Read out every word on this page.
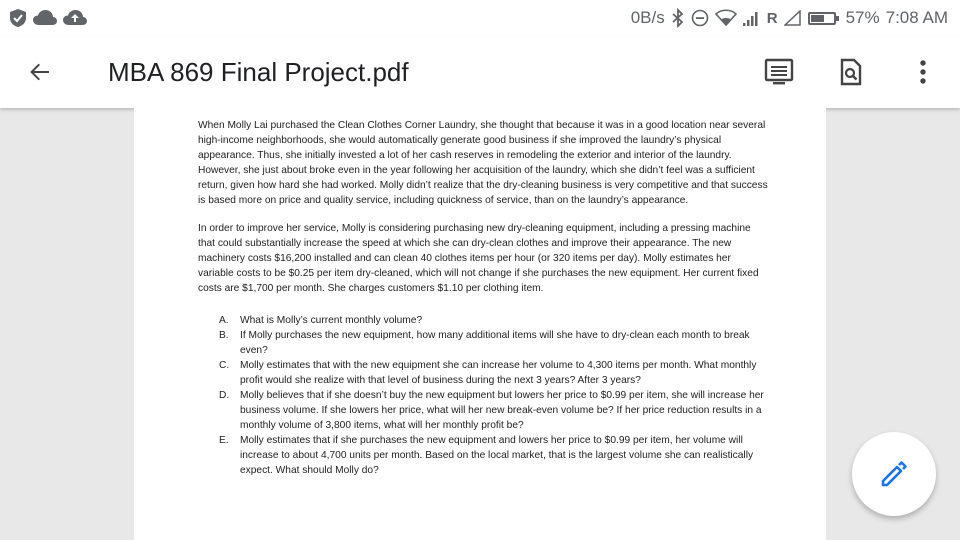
0B/s	R	57% 7:08 AM
MBA 869 Final Project.pdf

When Molly Lai purchased the Clean Clothes Corner Laundry, she thought that because it was in a good location near several high-income neighborhoods, she would automatically generate good business if she improved the laundry’s physical appearance. Thus, she initially invested a lot of her cash reserves in remodeling the exterior and interior of the laundry. However, she just about broke even in the year following her acquisition of the laundry, which she didn’t feel was a sufficient return, given how hard she had worked. Molly didn’t realize that the dry-cleaning business is very competitive and that success is based more on price and quality service, including quickness of service, than on the laundry’s appearance.

In order to improve her service, Molly is considering purchasing new dry-cleaning equipment, including a pressing machine that could substantially increase the speed at which she can dry-clean clothes and improve their appearance. The new machinery costs $16,200 installed and can clean 40 clothes items per hour (or 320 items per day). Molly estimates her variable costs to be $0.25 per item dry-cleaned, which will not change if she purchases the new equipment. Her current fixed costs are $1,700 per month. She charges customers $1.10 per clothing item.

A. What is Molly’s current monthly volume?
B. If Molly purchases the new equipment, how many additional items will she have to dry-clean each month to break even?
C. Molly estimates that with the new equipment she can increase her volume to 4,300 items per month. What monthly profit would she realize with that level of business during the next 3 years? After 3 years?
D. Molly believes that if she doesn’t buy the new equipment but lowers her price to $0.99 per item, she will increase her business volume. If she lowers her price, what will her new break-even volume be? If her price reduction results in a monthly volume of 3,800 items, what will her monthly profit be?
E. Molly estimates that if she purchases the new equipment and lowers her price to $0.99 per item, her volume will increase to about 4,700 units per month. Based on the local market, that is the largest volume she can realistically expect. What should Molly do?
